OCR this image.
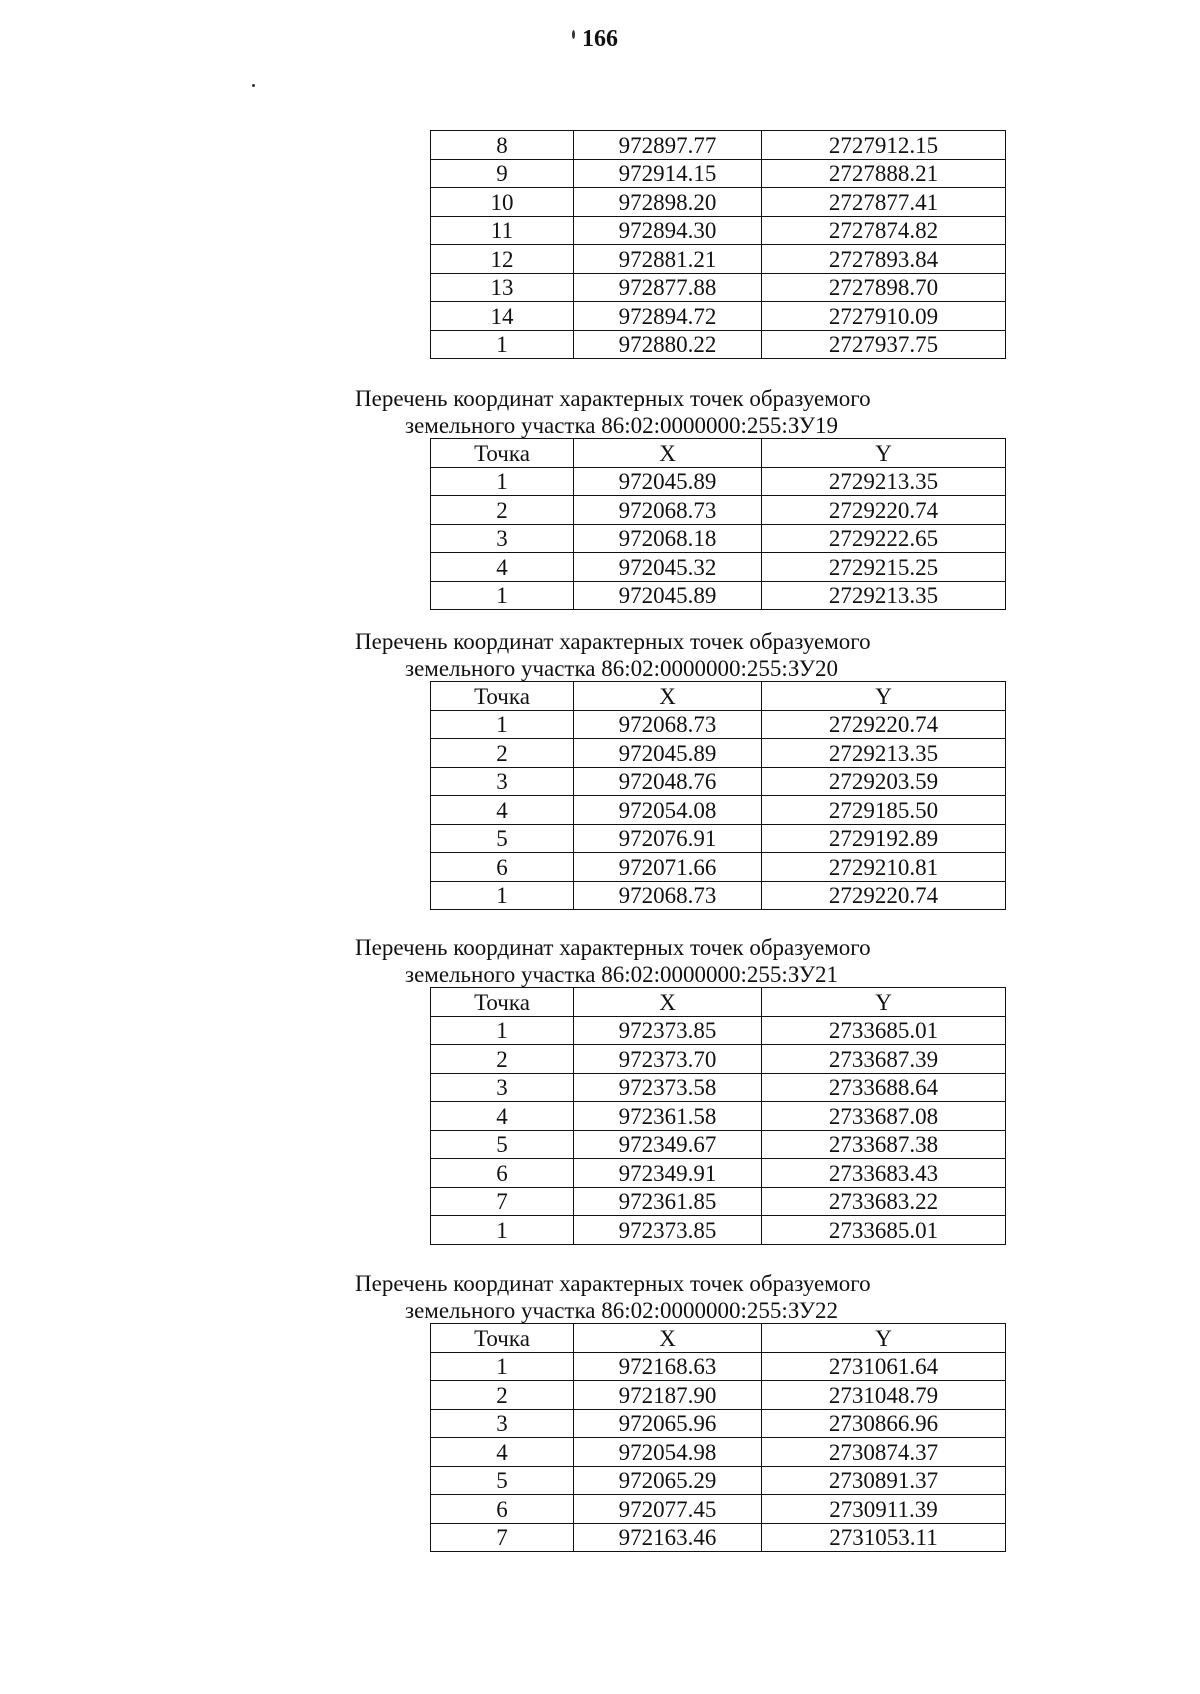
166
8	972897.77	2727912.15
9	972914.15	2727888.21
10	972898.20	2727877.41
11	972894.30	2727874.82
12	972881.21	2727893.84
13	972877.88	2727898.70
14	972894.72	2727910.09
1	972880.22	2727937.75
Перечень координат характерных точек образуемого
земельного участка 86:02:0000000:255:ЗУ19
Точка	X	Y
1	972045.89	2729213.35
2	972068.73	2729220.74
3	972068.18	2729222.65
4	972045.32	2729215.25
1	972045.89	2729213.35
Перечень координат характерных точек образуемого
земельного участка 86:02:0000000:255:ЗУ20
Точка	X	Y
1	972068.73	2729220.74
2	972045.89	2729213.35
3	972048.76	2729203.59
4	972054.08	2729185.50
5	972076.91	2729192.89
6	972071.66	2729210.81
1	972068.73	2729220.74
Перечень координат характерных точек образуемого
земельного участка 86:02:0000000:255:ЗУ21
Точка	X	Y
1	972373.85	2733685.01
2	972373.70	2733687.39
3	972373.58	2733688.64
4	972361.58	2733687.08
5	972349.67	2733687.38
6	972349.91	2733683.43
7	972361.85	2733683.22
1	972373.85	2733685.01
Перечень координат характерных точек образуемого
земельного участка 86:02:0000000:255:ЗУ22
Точка	X	Y
1	972168.63	2731061.64
2	972187.90	2731048.79
3	972065.96	2730866.96
4	972054.98	2730874.37
5	972065.29	2730891.37
6	972077.45	2730911.39
7	972163.46	2731053.11
